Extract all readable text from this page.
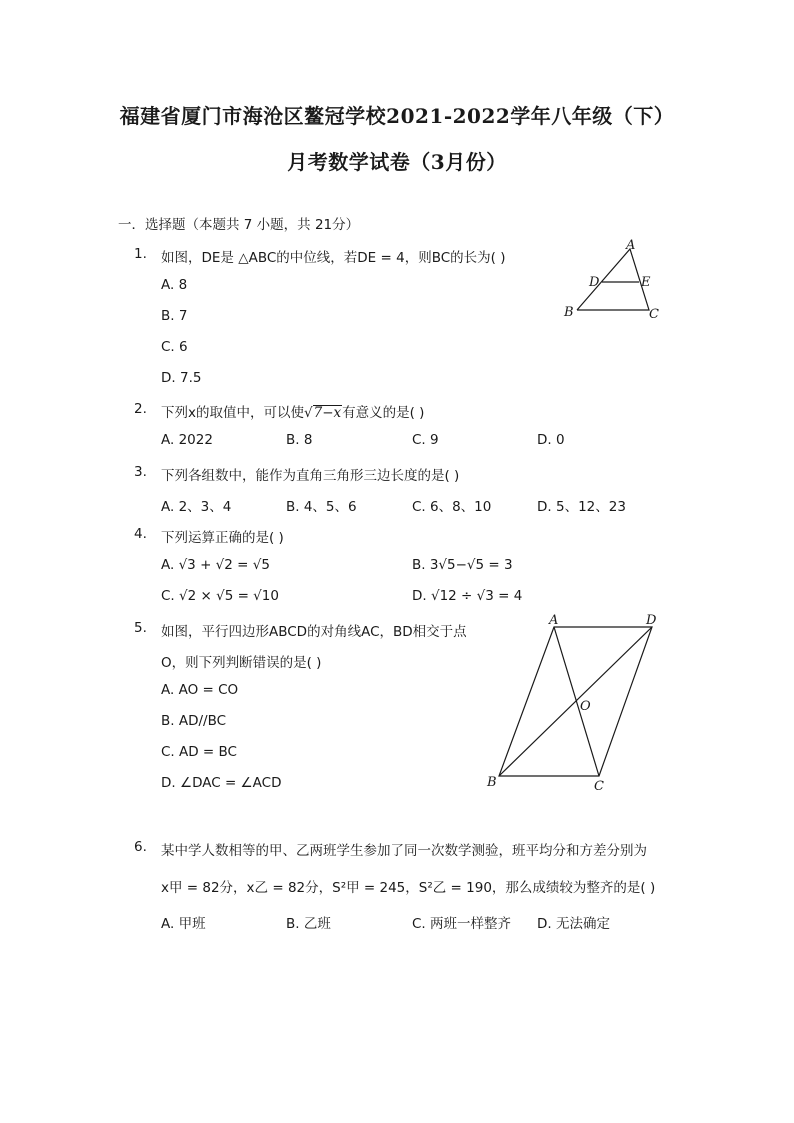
福建省厦门市海沧区鳌冠学校2021-2022学年八年级（下）
月考数学试卷（3月份）
一．选择题（本题共 7 小题，共 21分）
1. 如图，DE是 △ABC的中位线，若DE = 4，则BC的长为( )
A. 8
B. 7
C. 6
D. 7.5
A
D	E
B	C
2. 下列x的取值中，可以使√7−x有意义的是( )
A. 2022	B. 8	C. 9	D. 0
3. 下列各组数中，能作为直角三角形三边长度的是( )
A. 2、3、4	B. 4、5、6	C. 6、8、10	D. 5、12、23
4. 下列运算正确的是( )
A. √3 + √2 = √5	B. 3√5−√5 = 3
C. √2 × √5 = √10	D. √12 ÷ √3 = 4
5. 如图，平行四边形ABCD的对角线AC，BD相交于点
O，则下列判断错误的是( )
A. AO = CO
B. AD//BC
C. AD = BC
D. ∠DAC = ∠ACD
A	D
O
B	C
6. 某中学人数相等的甲、乙两班学生参加了同一次数学测验，班平均分和方差分别为
x甲 = 82分，x乙 = 82分，S²甲 = 245，S²乙 = 190，那么成绩较为整齐的是( )
A. 甲班	B. 乙班	C. 两班一样整齐 D. 无法确定
